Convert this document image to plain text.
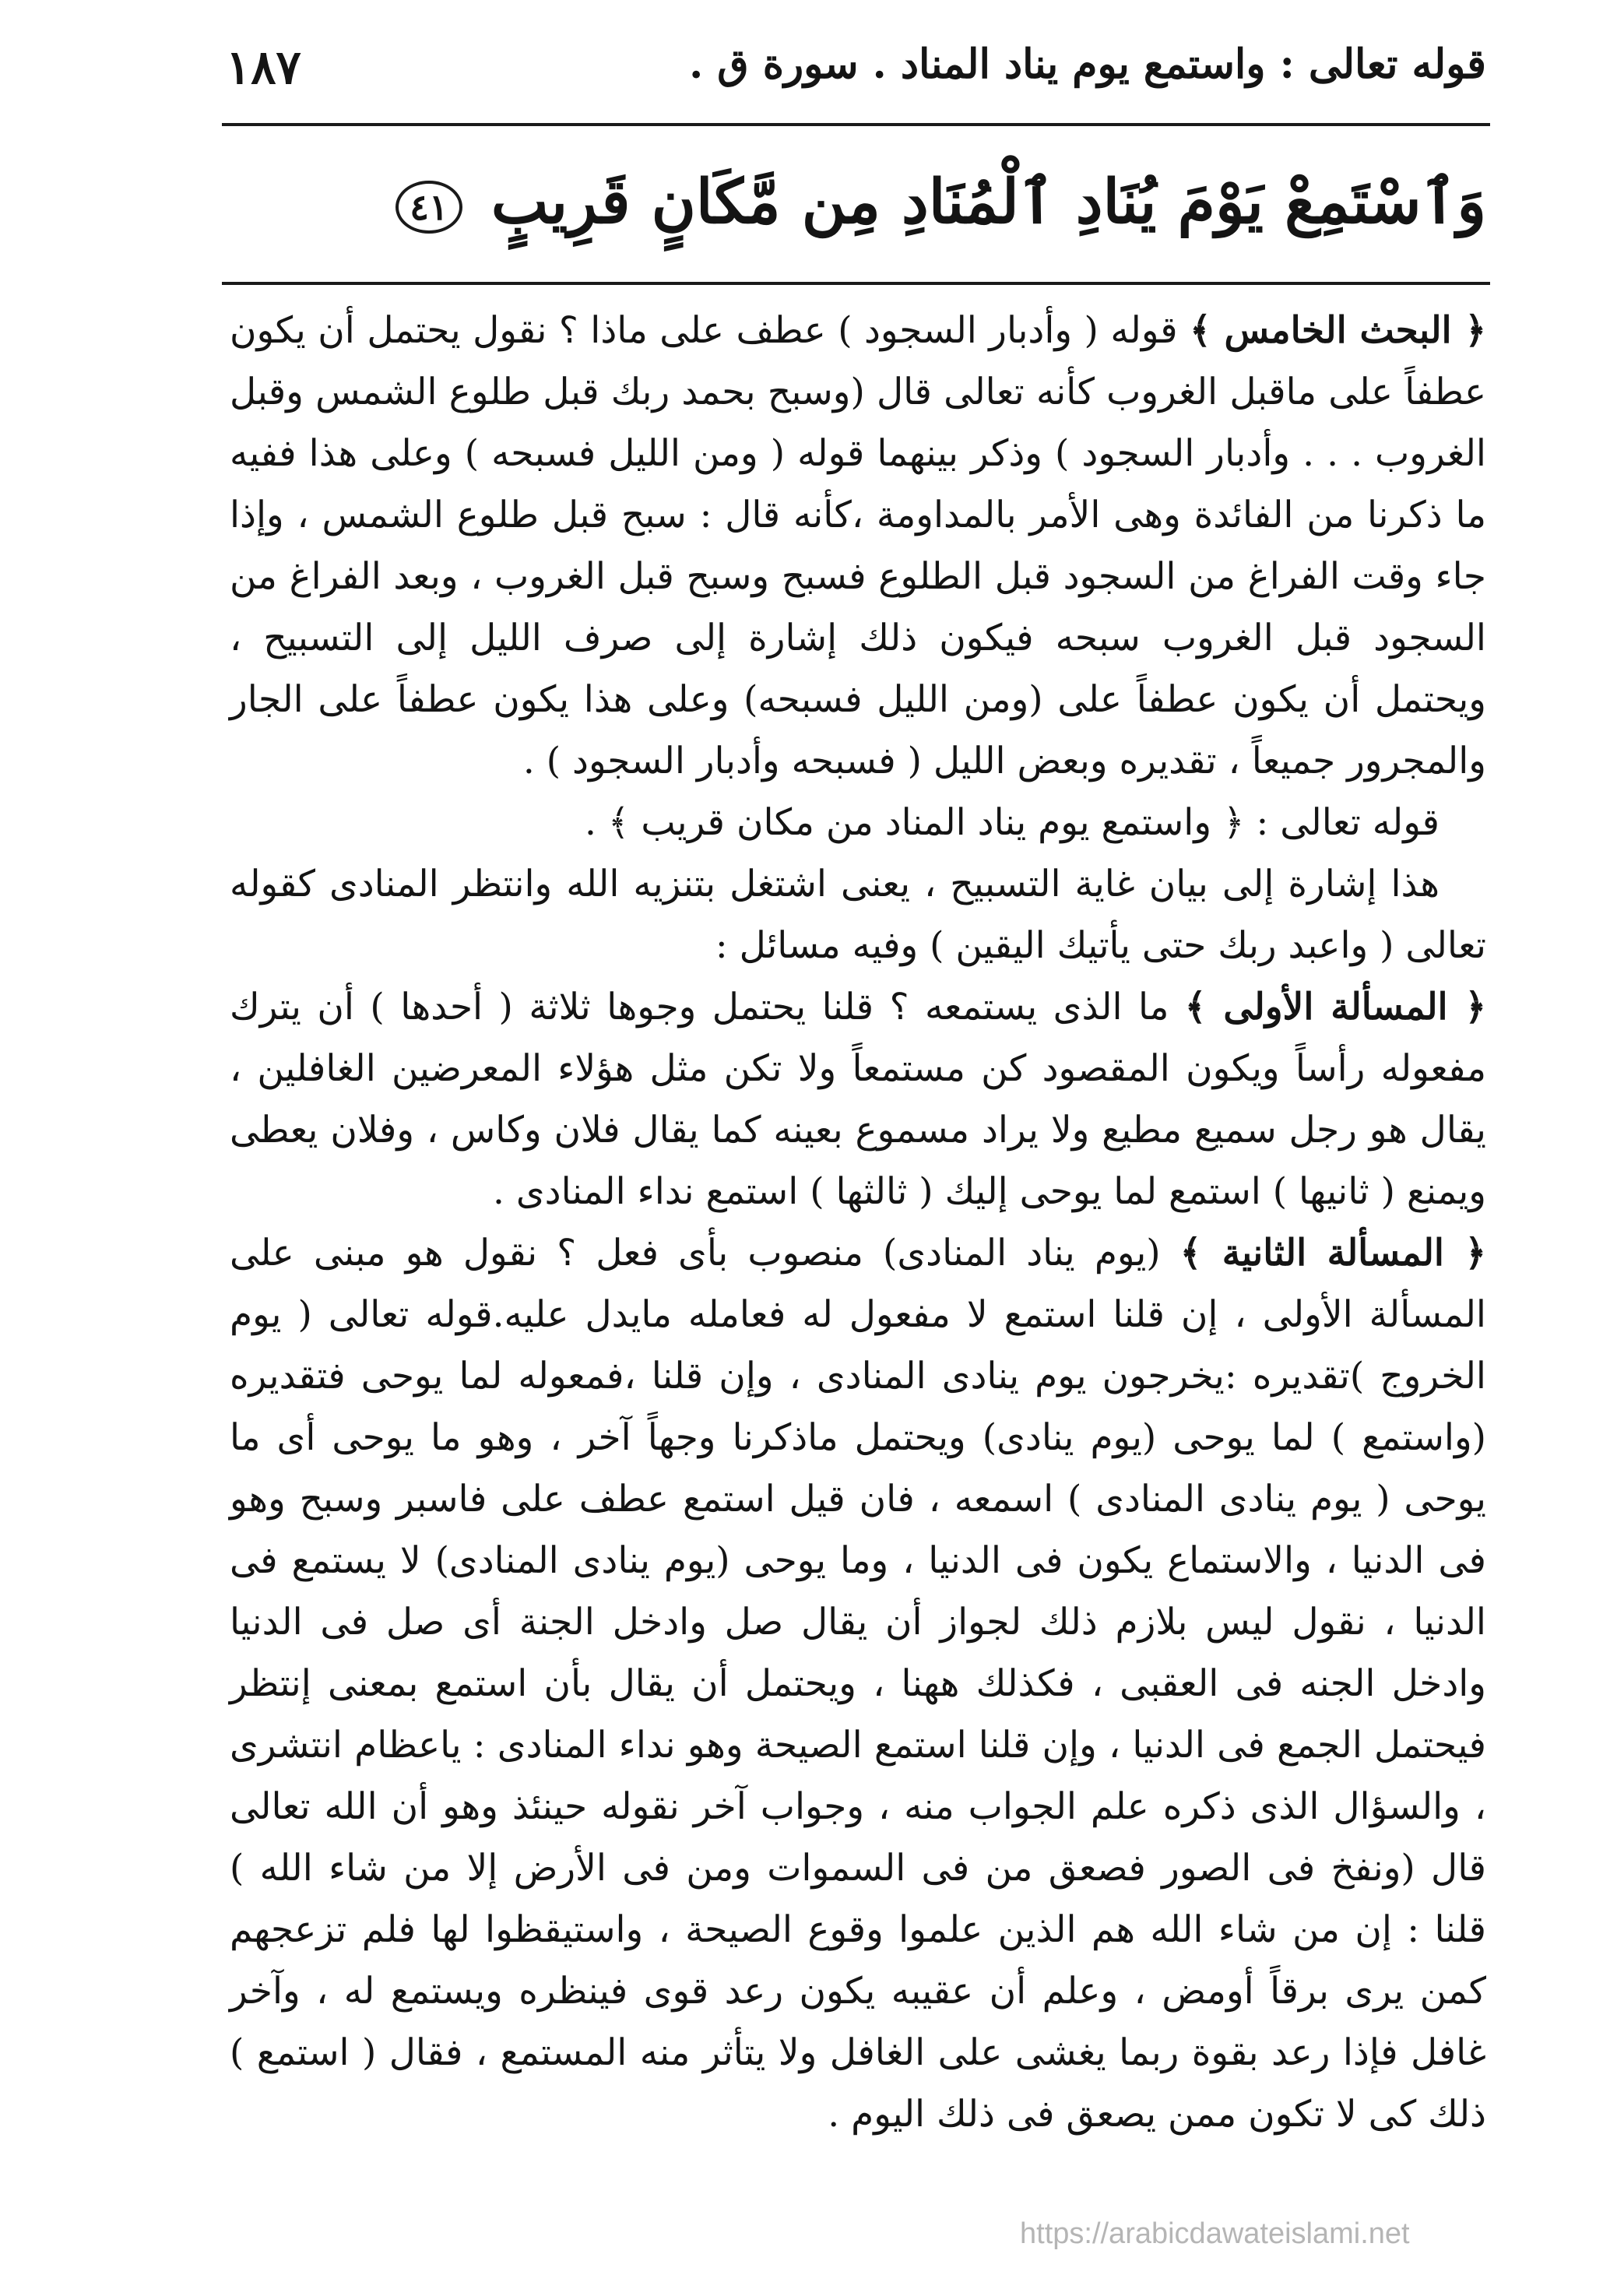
قوله تعالى : واستمع يوم يناد المناد . سورة ق .
١٨٧
وَٱسْتَمِعْ يَوْمَ يُنَادِ ٱلْمُنَادِ مِن مَّكَانٍ قَرِيبٍ ٤١

﴿ البحث الخامس ﴾ قوله ( وأدبار السجود ) عطف على ماذا ؟ نقول يحتمل أن يكون عطفاً على ماقبل الغروب كأنه تعالى قال (وسبح بحمد ربك قبل طلوع الشمس وقبل الغروب . . . وأدبار السجود ) وذكر بينهما قوله ( ومن الليل فسبحه ) وعلى هذا ففيه ما ذكرنا من الفائدة وهى الأمر بالمداومة ،كأنه قال : سبح قبل طلوع الشمس ، وإذا جاء وقت الفراغ من السجود قبل الطلوع فسبح وسبح قبل الغروب ، وبعد الفراغ من السجود قبل الغروب سبحه فيكون ذلك إشارة إلى صرف الليل إلى التسبيح ، ويحتمل أن يكون عطفاً على (ومن الليل فسبحه) وعلى هذا يكون عطفاً على الجار والمجرور جميعاً ، تقديره وبعض الليل ( فسبحه وأدبار السجود ) .

قوله تعالى : ﴿ واستمع يوم يناد المناد من مكان قريب ﴾ .

هذا إشارة إلى بيان غاية التسبيح ، يعنى اشتغل بتنزيه الله وانتظر المنادى كقوله تعالى ( واعبد ربك حتى يأتيك اليقين ) وفيه مسائل :

﴿ المسألة الأولى ﴾ ما الذى يستمعه ؟ قلنا يحتمل وجوها ثلاثة ( أحدها ) أن يترك مفعوله رأساً ويكون المقصود كن مستمعاً ولا تكن مثل هؤلاء المعرضين الغافلين ، يقال هو رجل سميع مطيع ولا يراد مسموع بعينه كما يقال فلان وكاس ، وفلان يعطى ويمنع ( ثانيها ) استمع لما يوحى إليك ( ثالثها ) استمع نداء المنادى .

﴿ المسألة الثانية ﴾ (يوم يناد المنادى) منصوب بأى فعل ؟ نقول هو مبنى على المسألة الأولى ، إن قلنا استمع لا مفعول له فعامله مايدل عليه.قوله تعالى ( يوم الخروج )تقديره :يخرجون يوم ينادى المنادى ، وإن قلنا ،فمعوله لما يوحى فتقديره (واستمع ) لما يوحى (يوم ينادى) ويحتمل ماذكرنا وجهاً آخر ، وهو ما يوحى أى ما يوحى ( يوم ينادى المنادى ) اسمعه ، فان قيل استمع عطف على فاسبر وسبح وهو فى الدنيا ، والاستماع يكون فى الدنيا ، وما يوحى (يوم ينادى المنادى) لا يستمع فى الدنيا ، نقول ليس بلازم ذلك لجواز أن يقال صل وادخل الجنة أى صل فى الدنيا وادخل الجنه فى العقبى ، فكذلك ههنا ، ويحتمل أن يقال بأن استمع بمعنى إنتظر فيحتمل الجمع فى الدنيا ، وإن قلنا استمع الصيحة وهو نداء المنادى : ياعظام انتشرى ، والسؤال الذى ذكره علم الجواب منه ، وجواب آخر نقوله حينئذ وهو أن الله تعالى قال (ونفخ فى الصور فصعق من فى السموات ومن فى الأرض إلا من شاء الله ) قلنا : إن من شاء الله هم الذين علموا وقوع الصيحة ، واستيقظوا لها فلم تزعجهم كمن يرى برقاً أومض ، وعلم أن عقيبه يكون رعد قوى فينظره ويستمع له ، وآخر غافل فإذا رعد بقوة ربما يغشى على الغافل ولا يتأثر منه المستمع ، فقال ( استمع ) ذلك كى لا تكون ممن يصعق فى ذلك اليوم .

https://arabicdawateislami.net
